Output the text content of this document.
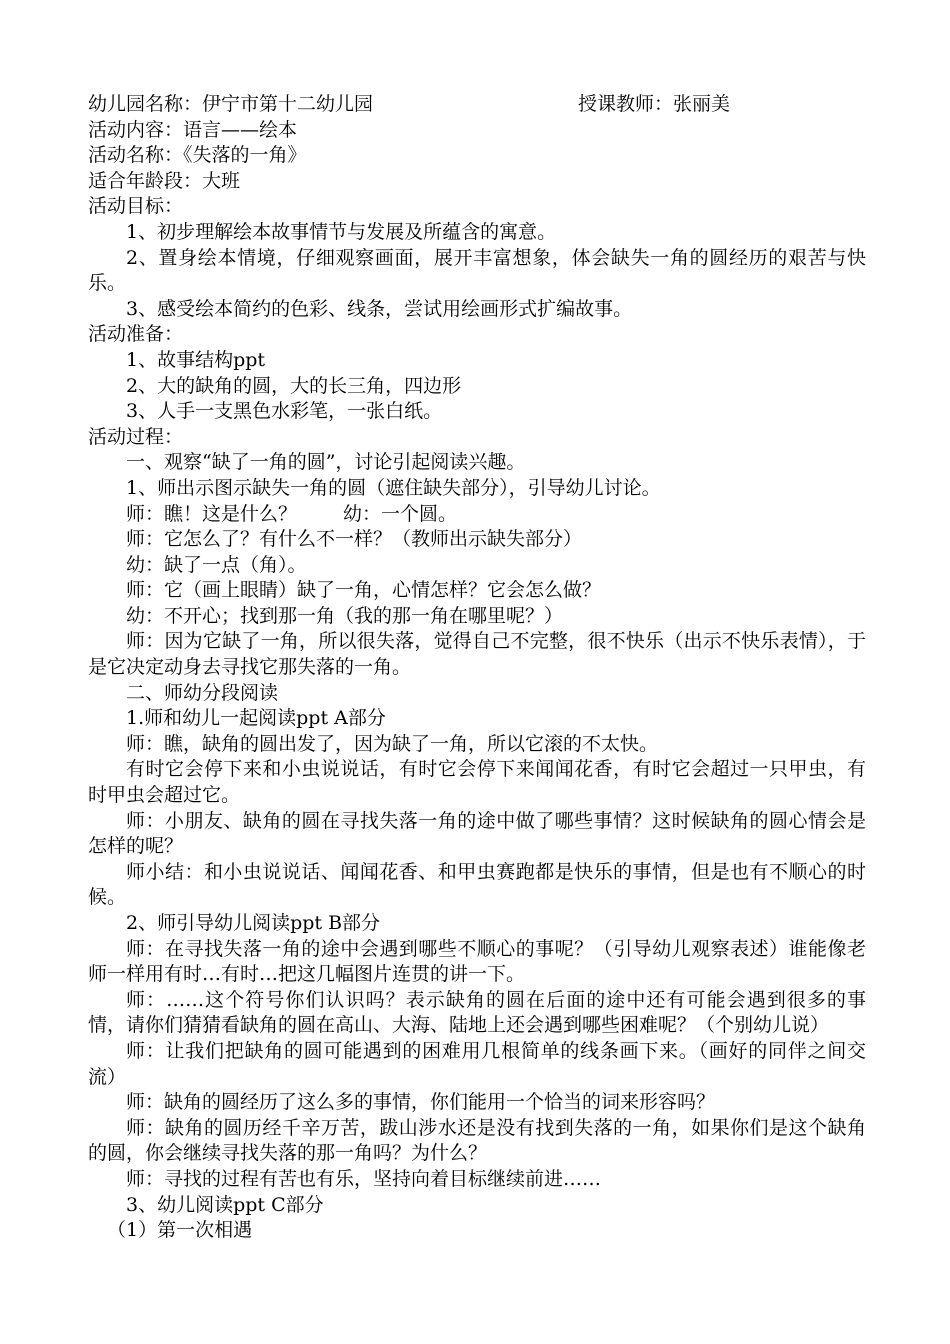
幼儿园名称：伊宁市第十二幼儿园	授课教师：张丽美
活动内容：语言——绘本
活动名称：《失落的一角》
适合年龄段：大班
活动目标：
1、初步理解绘本故事情节与发展及所蕴含的寓意。
2、置身绘本情境，仔细观察画面，展开丰富想象，体会缺失一角的圆经历的艰苦与快乐。
3、感受绘本简约的色彩、线条，尝试用绘画形式扩编故事。
活动准备：
1、故事结构ppt
2、大的缺角的圆，大的长三角，四边形
3、人手一支黑色水彩笔，一张白纸。
活动过程：
一、观察“缺了一角的圆”，讨论引起阅读兴趣。
1、师出示图示缺失一角的圆（遮住缺失部分），引导幼儿讨论。
师：瞧！这是什么？ 幼：一个圆。
师：它怎么了？有什么不一样？（教师出示缺失部分）
幼：缺了一点（角）。
师：它（画上眼睛）缺了一角，心情怎样？它会怎么做？
幼：不开心；找到那一角（我的那一角在哪里呢？）
师：因为它缺了一角，所以很失落，觉得自己不完整，很不快乐（出示不快乐表情），于是它决定动身去寻找它那失落的一角。
二、师幼分段阅读
1.师和幼儿一起阅读ppt A部分
师：瞧，缺角的圆出发了，因为缺了一角，所以它滚的不太快。
有时它会停下来和小虫说说话，有时它会停下来闻闻花香，有时它会超过一只甲虫，有时甲虫会超过它。
师：小朋友、缺角的圆在寻找失落一角的途中做了哪些事情？这时候缺角的圆心情会是怎样的呢？
师小结：和小虫说说话、闻闻花香、和甲虫赛跑都是快乐的事情，但是也有不顺心的时候。
2、师引导幼儿阅读ppt B部分
师：在寻找失落一角的途中会遇到哪些不顺心的事呢？（引导幼儿观察表述）谁能像老师一样用有时…有时…把这几幅图片连贯的讲一下。
师：……这个符号你们认识吗？表示缺角的圆在后面的途中还有可能会遇到很多的事情，请你们猜猜看缺角的圆在高山、大海、陆地上还会遇到哪些困难呢？（个别幼儿说）
师：让我们把缺角的圆可能遇到的困难用几根简单的线条画下来。（画好的同伴之间交流）
师：缺角的圆经历了这么多的事情，你们能用一个恰当的词来形容吗？
师：缺角的圆历经千辛万苦，跋山涉水还是没有找到失落的一角，如果你们是这个缺角的圆，你会继续寻找失落的那一角吗？为什么？
师：寻找的过程有苦也有乐，坚持向着目标继续前进……
3、幼儿阅读ppt C部分
（1）第一次相遇
